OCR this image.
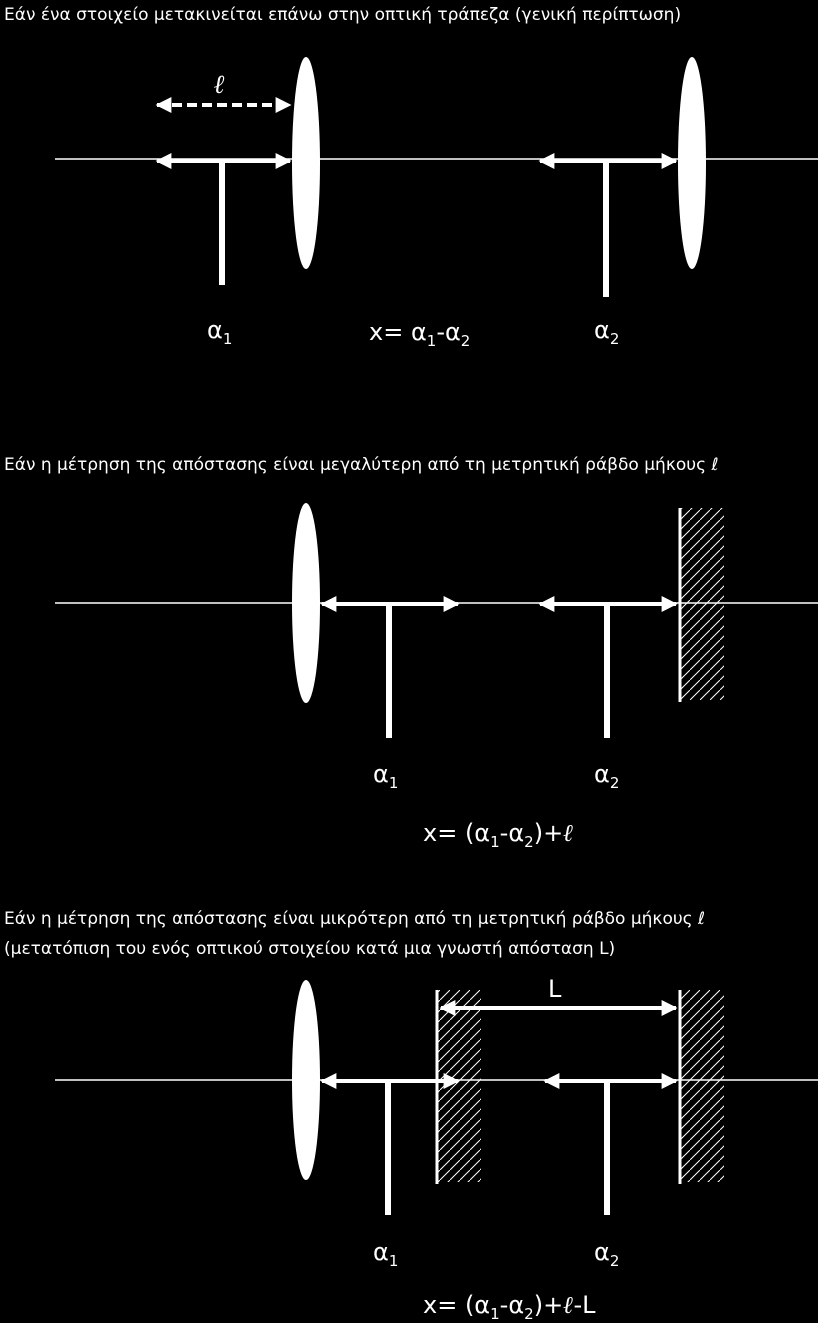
Εάν ένα στοιχείο μετακινείται επάνω στην οπτική τράπεζα (γενική περίπτωση)
ℓ
$\alpha_1$	$\alpha_2$
$x= \alpha_1-\alpha_2$
Εάν η μέτρηση της απόστασης είναι μεγαλύτερη από τη μετρητική ράβδο μήκους ℓ
$\alpha_1$	$\alpha_2$
$x= (\alpha_1-\alpha_2)+\ell$
Εάν η μέτρηση της απόστασης είναι μικρότερη από τη μετρητική ράβδο μήκους ℓ
(μετατόπιση του ενός οπτικού στοιχείου κατά μια γνωστή απόσταση L)
L
$\alpha_1$	$\alpha_2$
$x= (\alpha_1-\alpha_2)+\ell-L$
